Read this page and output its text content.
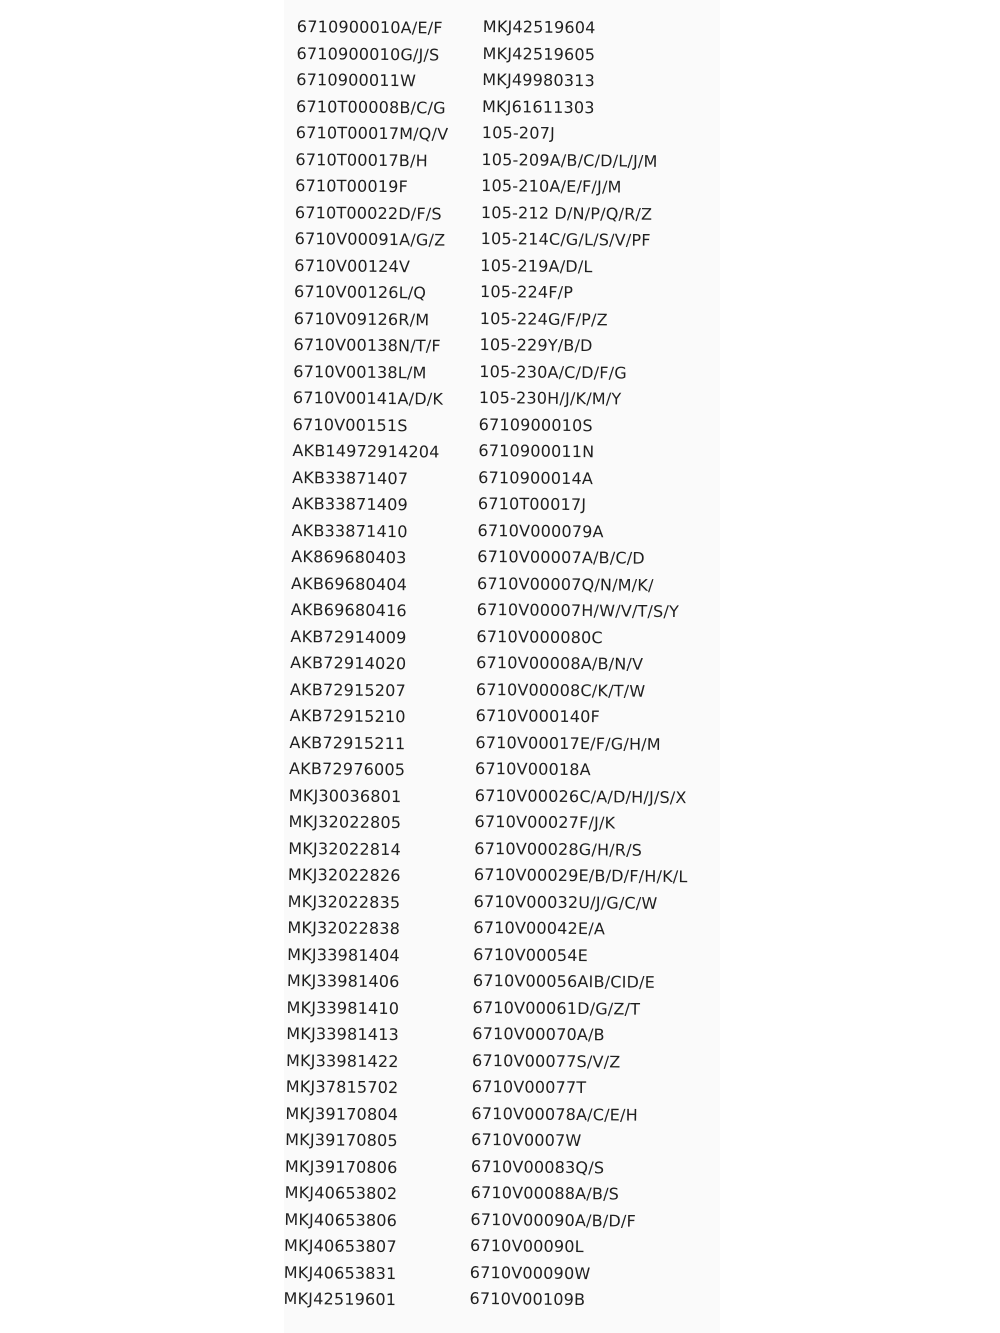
6710900010A/E/F
6710900010G/J/S
6710900011W
6710T00008B/C/G
6710T00017M/Q/V
6710T00017B/H
6710T00019F
6710T00022D/F/S
6710V00091A/G/Z
6710V00124V
6710V00126L/Q
6710V09126R/M
6710V00138N/T/F
6710V00138L/M
6710V00141A/D/K
6710V00151S
AKB14972914204
AKB33871407
AKB33871409
AKB33871410
AK869680403
AKB69680404
AKB69680416
AKB72914009
AKB72914020
AKB72915207
AKB72915210
AKB72915211
AKB72976005
MKJ30036801
MKJ32022805
MKJ32022814
MKJ32022826
MKJ32022835
MKJ32022838
MKJ33981404
MKJ33981406
MKJ33981410
MKJ33981413
MKJ33981422
MKJ37815702
MKJ39170804
MKJ39170805
MKJ39170806
MKJ40653802
MKJ40653806
MKJ40653807
MKJ40653831
MKJ42519601
MKJ42519604
MKJ42519605
MKJ49980313
MKJ61611303
105-207J
105-209A/B/C/D/L/J/M
105-210A/E/F/J/M
105-212 D/N/P/Q/R/Z
105-214C/G/L/S/V/PF
105-219A/D/L
105-224F/P
105-224G/F/P/Z
105-229Y/B/D
105-230A/C/D/F/G
105-230H/J/K/M/Y
6710900010S
6710900011N
6710900014A
6710T00017J
6710V000079A
6710V00007A/B/C/D
6710V00007Q/N/M/K/
6710V00007H/W/V/T/S/Y
6710V000080C
6710V00008A/B/N/V
6710V00008C/K/T/W
6710V000140F
6710V00017E/F/G/H/M
6710V00018A
6710V00026C/A/D/H/J/S/X
6710V00027F/J/K
6710V00028G/H/R/S
6710V00029E/B/D/F/H/K/L
6710V00032U/J/G/C/W
6710V00042E/A
6710V00054E
6710V00056AIB/CID/E
6710V00061D/G/Z/T
6710V00070A/B
6710V00077S/V/Z
6710V00077T
6710V00078A/C/E/H
6710V0007W
6710V00083Q/S
6710V00088A/B/S
6710V00090A/B/D/F
6710V00090L
6710V00090W
6710V00109B
